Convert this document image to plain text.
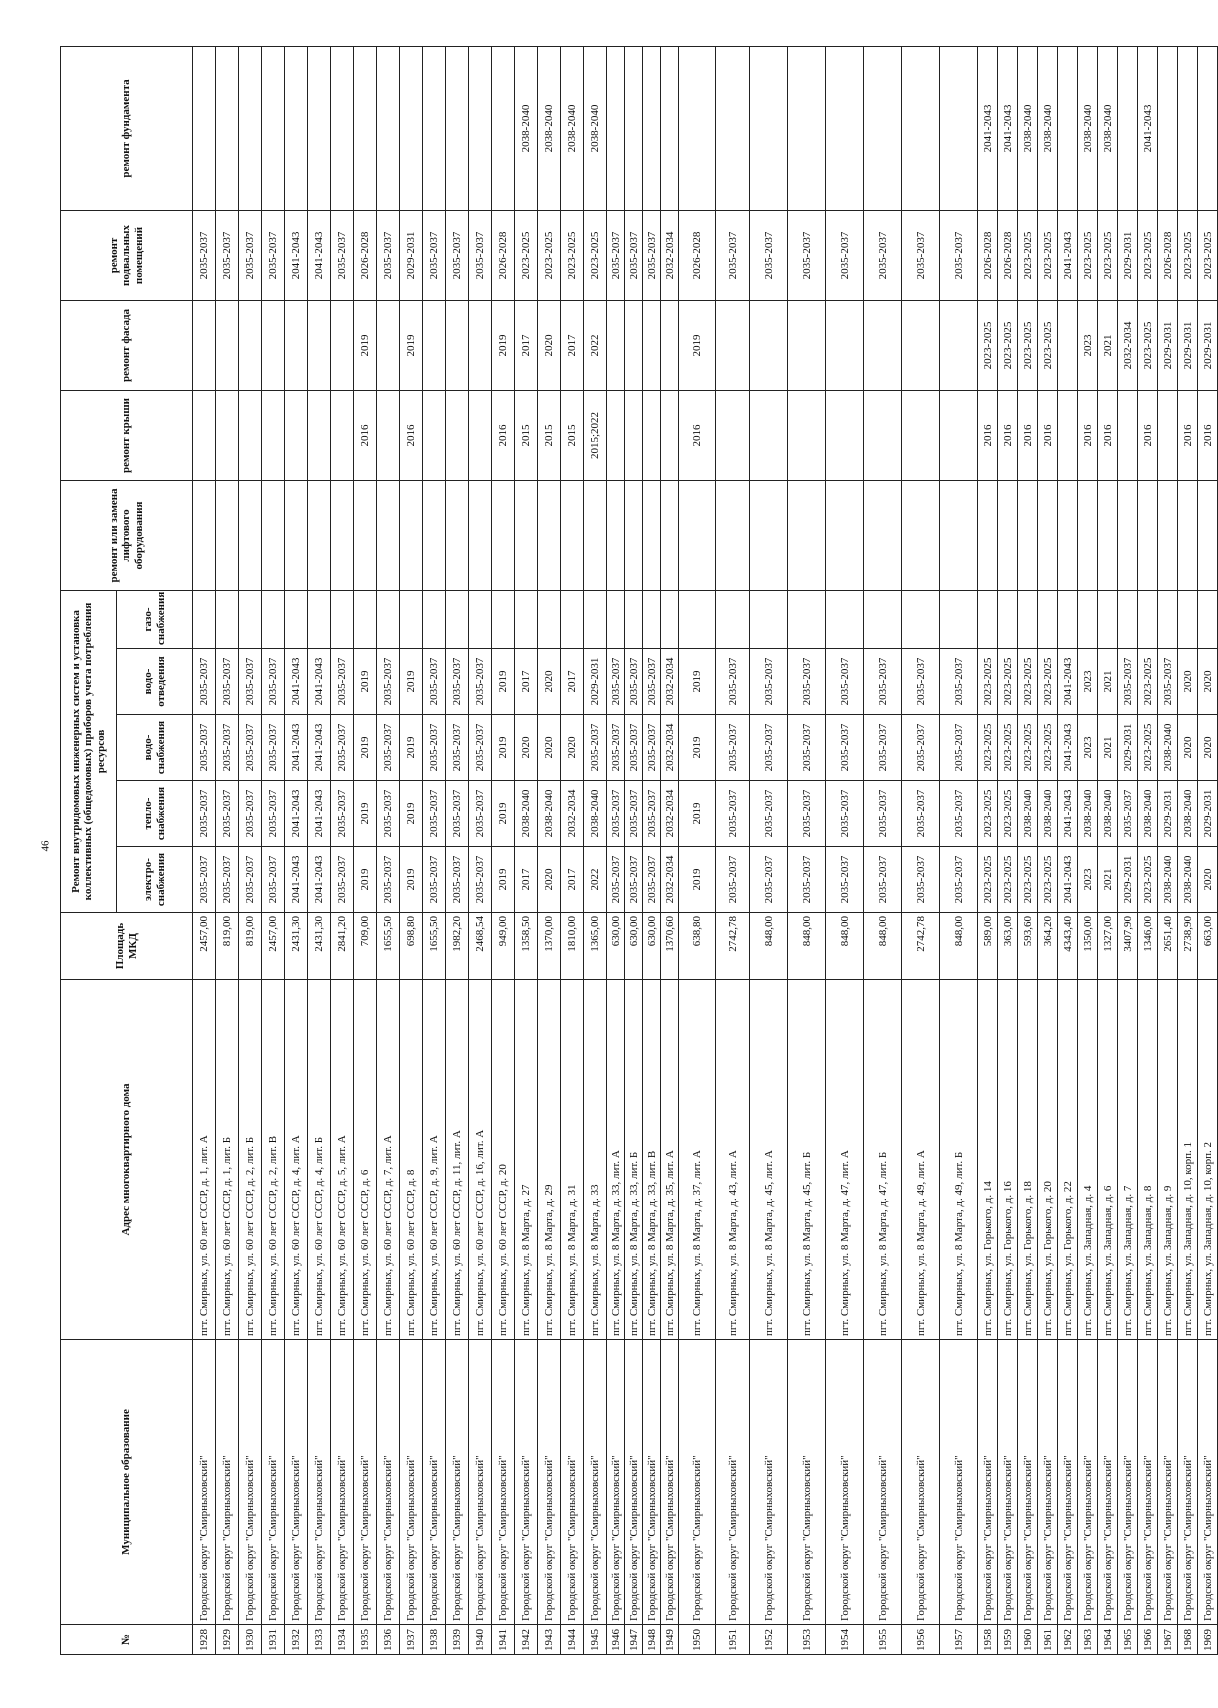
46
№	Муниципальное образование	Адрес многоквартирного дома	Площадь МКД	Ремонт внутридомовых инженерных систем и установка коллективных (общедомовых) приборов учета потребления ресурсов					ремонт или замена лифтового оборудования	ремонт крыши	ремонт фасада	ремонт подвальных помещений	ремонт фундамента
				электро-снабжения	тепло-снабжения	водо-снабжения	водо-отведения	газо-снабжения					
1928	Городской округ "Смирныховский"	пгт. Смирных, ул. 60 лет СССР, д. 1, лит. А	2457,00	2035-2037	2035-2037	2035-2037	2035-2037					2035-2037	
1929	Городской округ "Смирныховский"	пгт. Смирных, ул. 60 лет СССР, д. 1, лит. Б	819,00	2035-2037	2035-2037	2035-2037	2035-2037					2035-2037	
1930	Городской округ "Смирныховский"	пгт. Смирных, ул. 60 лет СССР, д. 2, лит. Б	819,00	2035-2037	2035-2037	2035-2037	2035-2037					2035-2037	
1931	Городской округ "Смирныховский"	пгт. Смирных, ул. 60 лет СССР, д. 2, лит. В	2457,00	2035-2037	2035-2037	2035-2037	2035-2037					2035-2037	
1932	Городской округ "Смирныховский"	пгт. Смирных, ул. 60 лет СССР, д. 4, лит. А	2431,30	2041-2043	2041-2043	2041-2043	2041-2043					2041-2043	
1933	Городской округ "Смирныховский"	пгт. Смирных, ул. 60 лет СССР, д. 4, лит. Б	2431,30	2041-2043	2041-2043	2041-2043	2041-2043					2041-2043	
1934	Городской округ "Смирныховский"	пгт. Смирных, ул. 60 лет СССР, д. 5, лит. А	2841,20	2035-2037	2035-2037	2035-2037	2035-2037					2035-2037	
1935	Городской округ "Смирныховский"	пгт. Смирных, ул. 60 лет СССР, д. 6	709,00	2019	2019	2019	2019			2016	2019	2026-2028	
1936	Городской округ "Смирныховский"	пгт. Смирных, ул. 60 лет СССР, д. 7, лит. А	1655,50	2035-2037	2035-2037	2035-2037	2035-2037					2035-2037	
1937	Городской округ "Смирныховский"	пгт. Смирных, ул. 60 лет СССР, д. 8	698,80	2019	2019	2019	2019			2016	2019	2029-2031	
1938	Городской округ "Смирныховский"	пгт. Смирных, ул. 60 лет СССР, д. 9, лит. А	1655,50	2035-2037	2035-2037	2035-2037	2035-2037					2035-2037	
1939	Городской округ "Смирныховский"	пгт. Смирных, ул. 60 лет СССР, д. 11, лит. А	1982,20	2035-2037	2035-2037	2035-2037	2035-2037					2035-2037	
1940	Городской округ "Смирныховский"	пгт. Смирных, ул. 60 лет СССР, д. 16, лит. А	2468,54	2035-2037	2035-2037	2035-2037	2035-2037					2035-2037	
1941	Городской округ "Смирныховский"	пгт. Смирных, ул. 60 лет СССР, д. 20	949,00	2019	2019	2019	2019			2016	2019	2026-2028	
1942	Городской округ "Смирныховский"	пгт. Смирных, ул. 8 Марта, д. 27	1358,50	2017	2038-2040	2020	2017			2015	2017	2023-2025	2038-2040
1943	Городской округ "Смирныховский"	пгт. Смирных, ул. 8 Марта, д. 29	1370,00	2020	2038-2040	2020	2020			2015	2020	2023-2025	2038-2040
1944	Городской округ "Смирныховский"	пгт. Смирных, ул. 8 Марта, д. 31	1810,00	2017	2032-2034	2020	2017			2015	2017	2023-2025	2038-2040
1945	Городской округ "Смирныховский"	пгт. Смирных, ул. 8 Марта, д. 33	1365,00	2022	2038-2040	2035-2037	2029-2031			2015;2022	2022	2023-2025	2038-2040
1946	Городской округ "Смирныховский"	пгт. Смирных, ул. 8 Марта, д. 33, лит. А	630,00	2035-2037	2035-2037	2035-2037	2035-2037					2035-2037	
1947	Городской округ "Смирныховский"	пгт. Смирных, ул. 8 Марта, д. 33, лит. Б	630,00	2035-2037	2035-2037	2035-2037	2035-2037					2035-2037	
1948	Городской округ "Смирныховский"	пгт. Смирных, ул. 8 Марта, д. 33, лит. В	630,00	2035-2037	2035-2037	2035-2037	2035-2037					2035-2037	
1949	Городской округ "Смирныховский"	пгт. Смирных, ул. 8 Марта, д. 35, лит. А	1370,60	2032-2034	2032-2034	2032-2034	2032-2034					2032-2034	
1950	Городской округ "Смирныховский"	пгт. Смирных, ул. 8 Марта, д. 37, лит. А	638,80	2019	2019	2019	2019			2016	2019	2026-2028	
1951	Городской округ "Смирныховский"	пгт. Смирных, ул. 8 Марта, д. 43, лит. А	2742,78	2035-2037	2035-2037	2035-2037	2035-2037					2035-2037	
1952	Городской округ "Смирныховский"	пгт. Смирных, ул. 8 Марта, д. 45, лит. А	848,00	2035-2037	2035-2037	2035-2037	2035-2037					2035-2037	
1953	Городской округ "Смирныховский"	пгт. Смирных, ул. 8 Марта, д. 45, лит. Б	848,00	2035-2037	2035-2037	2035-2037	2035-2037					2035-2037	
1954	Городской округ "Смирныховский"	пгт. Смирных, ул. 8 Марта, д. 47, лит. А	848,00	2035-2037	2035-2037	2035-2037	2035-2037					2035-2037	
1955	Городской округ "Смирныховский"	пгт. Смирных, ул. 8 Марта, д. 47, лит. Б	848,00	2035-2037	2035-2037	2035-2037	2035-2037					2035-2037	
1956	Городской округ "Смирныховский"	пгт. Смирных, ул. 8 Марта, д. 49, лит. А	2742,78	2035-2037	2035-2037	2035-2037	2035-2037					2035-2037	
1957	Городской округ "Смирныховский"	пгт. Смирных, ул. 8 Марта, д. 49, лит. Б	848,00	2035-2037	2035-2037	2035-2037	2035-2037					2035-2037	
1958	Городской округ "Смирныховский"	пгт. Смирных, ул. Горького, д. 14	589,00	2023-2025	2023-2025	2023-2025	2023-2025			2016	2023-2025	2026-2028	2041-2043
1959	Городской округ "Смирныховский"	пгт. Смирных, ул. Горького, д. 16	363,00	2023-2025	2023-2025	2023-2025	2023-2025			2016	2023-2025	2026-2028	2041-2043
1960	Городской округ "Смирныховский"	пгт. Смирных, ул. Горького, д. 18	593,60	2023-2025	2038-2040	2023-2025	2023-2025			2016	2023-2025	2023-2025	2038-2040
1961	Городской округ "Смирныховский"	пгт. Смирных, ул. Горького, д. 20	364,20	2023-2025	2038-2040	2023-2025	2023-2025			2016	2023-2025	2023-2025	2038-2040
1962	Городской округ "Смирныховский"	пгт. Смирных, ул. Горького, д. 22	4343,40	2041-2043	2041-2043	2041-2043	2041-2043					2041-2043	
1963	Городской округ "Смирныховский"	пгт. Смирных, ул. Западная, д. 4	1350,00	2023	2038-2040	2023	2023			2016	2023	2023-2025	2038-2040
1964	Городской округ "Смирныховский"	пгт. Смирных, ул. Западная, д. 6	1327,00	2021	2038-2040	2021	2021			2016	2021	2023-2025	2038-2040
1965	Городской округ "Смирныховский"	пгт. Смирных, ул. Западная, д. 7	3407,90	2029-2031	2035-2037	2029-2031	2035-2037				2032-2034	2029-2031	
1966	Городской округ "Смирныховский"	пгт. Смирных, ул. Западная, д. 8	1346,00	2023-2025	2038-2040	2023-2025	2023-2025			2016	2023-2025	2023-2025	2041-2043
1967	Городской округ "Смирныховский"	пгт. Смирных, ул. Западная, д. 9	2651,40	2038-2040	2029-2031	2038-2040	2035-2037				2029-2031	2026-2028	
1968	Городской округ "Смирныховский"	пгт. Смирных, ул. Западная, д. 10, корп. 1	2738,90	2038-2040	2038-2040	2020	2020			2016	2029-2031	2023-2025	
1969	Городской округ "Смирныховский"	пгт. Смирных, ул. Западная, д. 10, корп. 2	663,00	2020	2029-2031	2020	2020			2016	2029-2031	2023-2025	
